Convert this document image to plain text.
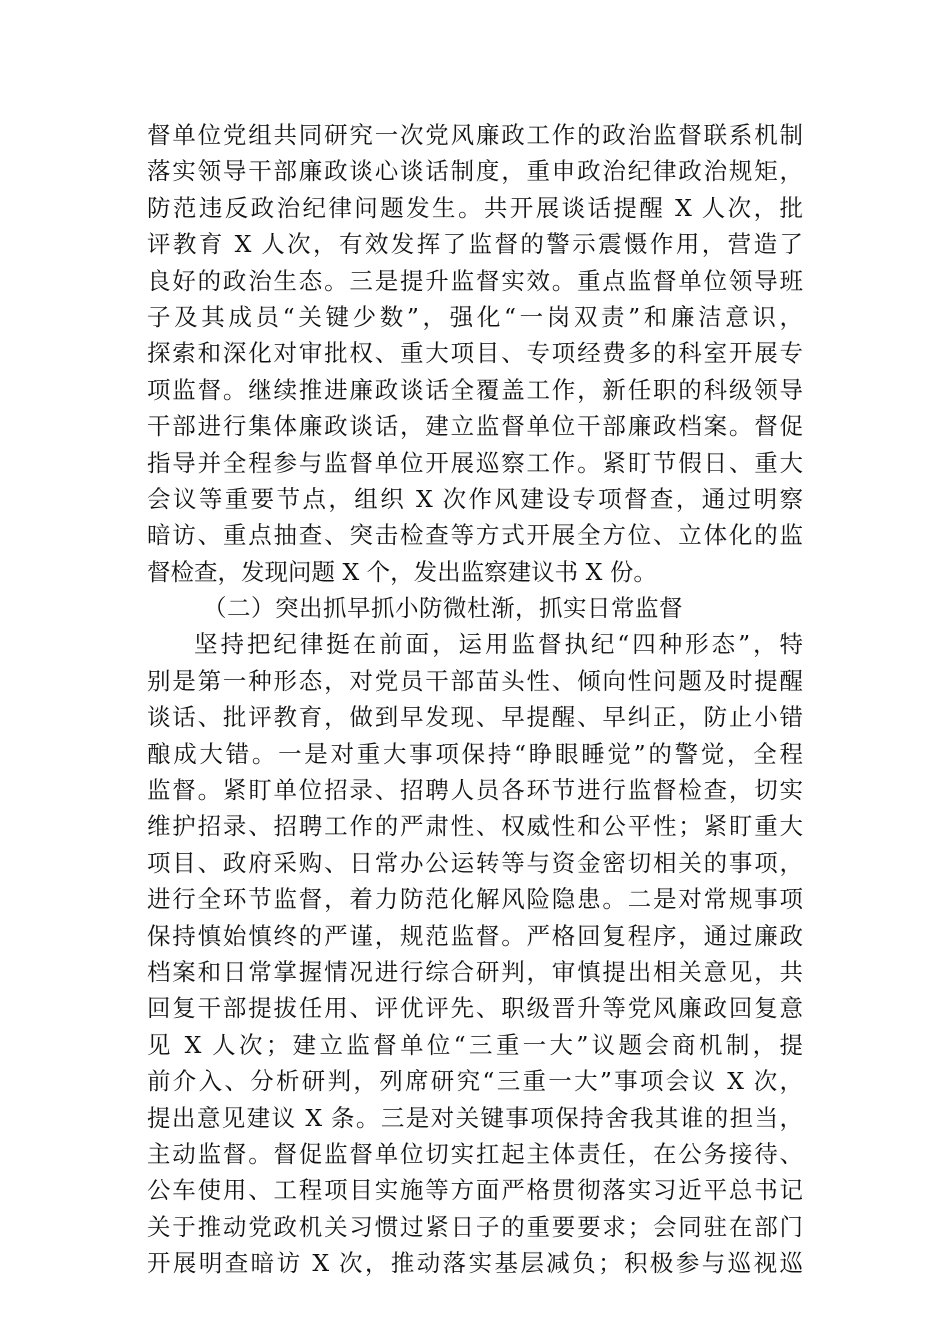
督单位党组共同研究一次党风廉政工作的政治监督联系机制
落实领导干部廉政谈心谈话制度，重申政治纪律政治规矩，
防范违反政治纪律问题发生。共开展谈话提醒 X 人次，批
评教育 X 人次，有效发挥了监督的警示震慑作用，营造了
良好的政治生态。三是提升监督实效。重点监督单位领导班
子及其成员“关键少数”，强化“一岗双责”和廉洁意识，
探索和深化对审批权、重大项目、专项经费多的科室开展专
项监督。继续推进廉政谈话全覆盖工作，新任职的科级领导
干部进行集体廉政谈话，建立监督单位干部廉政档案。督促
指导并全程参与监督单位开展巡察工作。紧盯节假日、重大
会议等重要节点，组织 X 次作风建设专项督查，通过明察
暗访、重点抽查、突击检查等方式开展全方位、立体化的监
督检查，发现问题 X 个，发出监察建议书 X 份。
（二）突出抓早抓小防微杜渐，抓实日常监督
坚持把纪律挺在前面，运用监督执纪“四种形态”，特
别是第一种形态，对党员干部苗头性、倾向性问题及时提醒
谈话、批评教育，做到早发现、早提醒、早纠正，防止小错
酿成大错。一是对重大事项保持“睁眼睡觉”的警觉，全程
监督。紧盯单位招录、招聘人员各环节进行监督检查，切实
维护招录、招聘工作的严肃性、权威性和公平性；紧盯重大
项目、政府采购、日常办公运转等与资金密切相关的事项，
进行全环节监督，着力防范化解风险隐患。二是对常规事项
保持慎始慎终的严谨，规范监督。严格回复程序，通过廉政
档案和日常掌握情况进行综合研判，审慎提出相关意见，共
回复干部提拔任用、评优评先、职级晋升等党风廉政回复意
见 X 人次；建立监督单位“三重一大”议题会商机制，提
前介入、分析研判，列席研究“三重一大”事项会议 X 次，
提出意见建议 X 条。三是对关键事项保持舍我其谁的担当，
主动监督。督促监督单位切实扛起主体责任，在公务接待、
公车使用、工程项目实施等方面严格贯彻落实习近平总书记
关于推动党政机关习惯过紧日子的重要要求；会同驻在部门
开展明查暗访 X 次，推动落实基层减负；积极参与巡视巡
